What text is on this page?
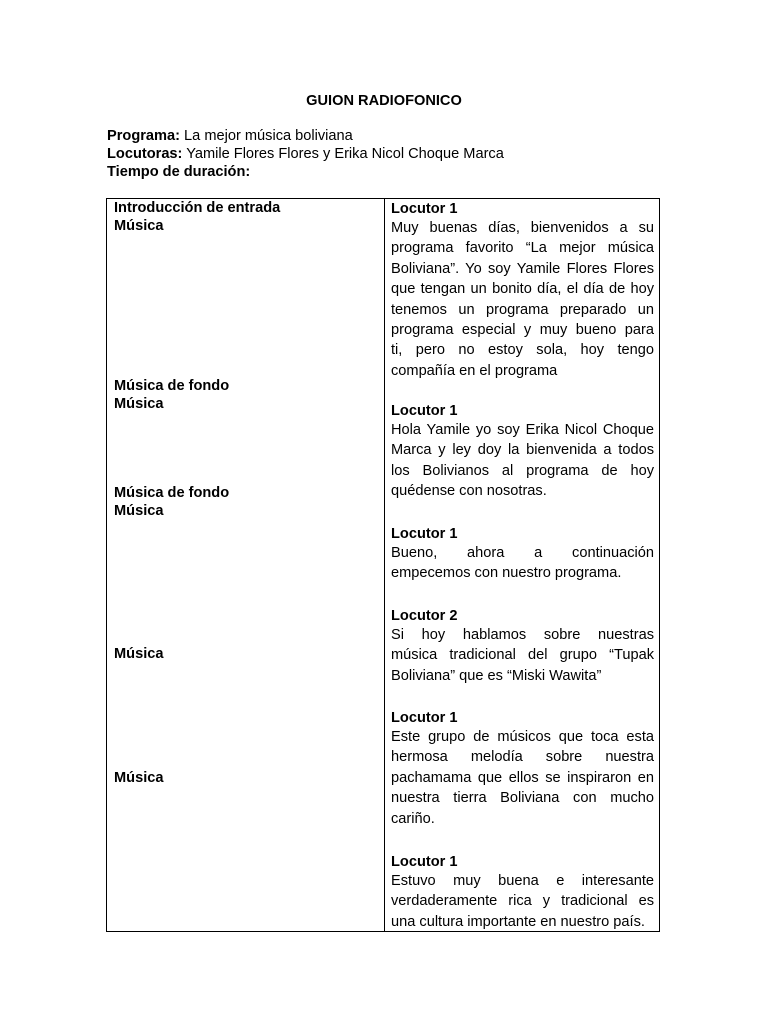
GUION RADIOFONICO
Programa: La mejor música boliviana
Locutoras: Yamile Flores Flores y Erika Nicol Choque Marca
Tiempo de duración:
Introducción de entrada
Música
Música de fondo
Música
Música de fondo
Música
Música
Música
Locutor 1
Muy buenas días, bienvenidos a su
programa favorito “La mejor música
Boliviana”. Yo soy Yamile Flores Flores
que tengan un bonito día, el día de hoy
tenemos un programa preparado un
programa especial y muy bueno para
ti, pero no estoy sola, hoy tengo
compañía en el programa
Locutor 1
Hola Yamile yo soy Erika Nicol Choque
Marca y ley doy la bienvenida a todos
los Bolivianos al programa de hoy
quédense con nosotras.
Locutor 1
Bueno, ahora a continuación
empecemos con nuestro programa.
Locutor 2
Si hoy hablamos sobre nuestras
música tradicional del grupo “Tupak
Boliviana” que es “Miski Wawita”
Locutor 1
Este grupo de músicos que toca esta
hermosa melodía sobre nuestra
pachamama que ellos se inspiraron en
nuestra tierra Boliviana con mucho
cariño.
Locutor 1
Estuvo muy buena e interesante
verdaderamente rica y tradicional es
una cultura importante en nuestro país.
